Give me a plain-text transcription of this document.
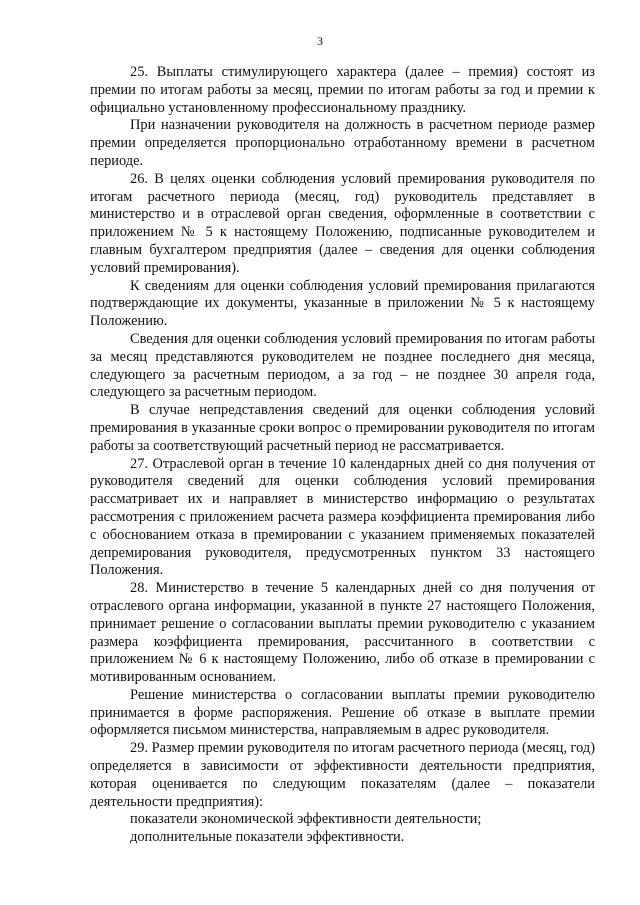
3

25. Выплаты стимулирующего характера (далее – премия) состоят из премии по итогам работы за месяц, премии по итогам работы за год и премии к официально установленному профессиональному празднику.

При назначении руководителя на должность в расчетном периоде размер премии определяется пропорционально отработанному времени в расчетном периоде.

26. В целях оценки соблюдения условий премирования руководителя по итогам расчетного периода (месяц, год) руководитель представляет в министерство и в отраслевой орган сведения, оформленные в соответствии с приложением № 5 к настоящему Положению, подписанные руководителем и главным бухгалтером предприятия (далее – сведения для оценки соблюдения условий премирования).

К сведениям для оценки соблюдения условий премирования прилагаются подтверждающие их документы, указанные в приложении № 5 к настоящему Положению.

Сведения для оценки соблюдения условий премирования по итогам работы за месяц представляются руководителем не позднее последнего дня месяца, следующего за расчетным периодом, а за год – не позднее 30 апреля года, следующего за расчетным периодом.

В случае непредставления сведений для оценки соблюдения условий премирования в указанные сроки вопрос о премировании руководителя по итогам работы за соответствующий расчетный период не рассматривается.

27. Отраслевой орган в течение 10 календарных дней со дня получения от руководителя сведений для оценки соблюдения условий премирования рассматривает их и направляет в министерство информацию о результатах рассмотрения с приложением расчета размера коэффициента премирования либо с обоснованием отказа в премировании с указанием применяемых показателей депремирования руководителя, предусмотренных пунктом 33 настоящего Положения.

28. Министерство в течение 5 календарных дней со дня получения от отраслевого органа информации, указанной в пункте 27 настоящего Положения, принимает решение о согласовании выплаты премии руководителю с указанием размера коэффициента премирования, рассчитанного в соответствии с приложением № 6 к настоящему Положению, либо об отказе в премировании с мотивированным основанием.

Решение министерства о согласовании выплаты премии руководителю принимается в форме распоряжения. Решение об отказе в выплате премии оформляется письмом министерства, направляемым в адрес руководителя.

29. Размер премии руководителя по итогам расчетного периода (месяц, год) определяется в зависимости от эффективности деятельности предприятия, которая оценивается по следующим показателям (далее – показатели деятельности предприятия):

показатели экономической эффективности деятельности;

дополнительные показатели эффективности.
